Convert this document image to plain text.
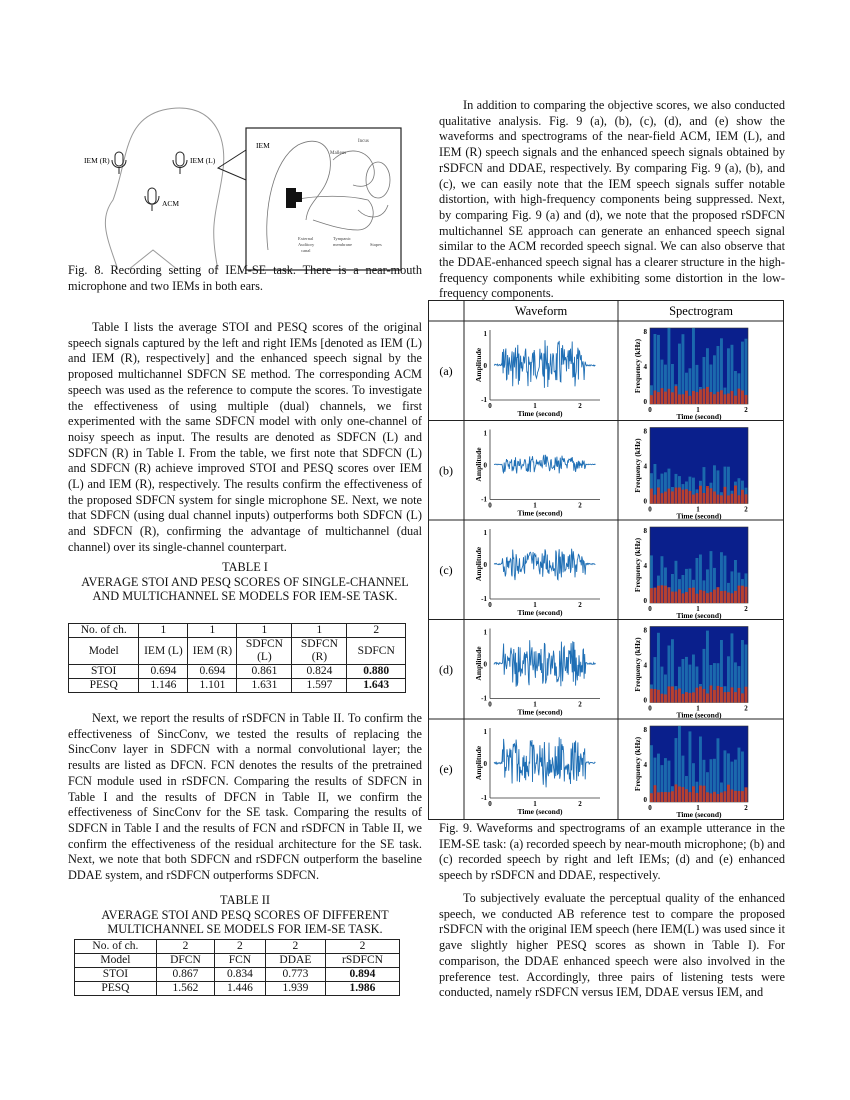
IEM (R)	IEM (L)
ACM
IEM	Incus
Malleus
External
Auditory
canal
Tympanic
membrane	Stapes
Fig. 8. Recording setting of IEM-SE task. There is a near-mouth microphone and two IEMs in both ears.

Table I lists the average STOI and PESQ scores of the original speech signals captured by the left and right IEMs [denoted as IEM (L) and IEM (R), respectively] and the enhanced speech signal by the proposed multichannel SDFCN SE method. The corresponding ACM speech was used as the reference to compute the scores. To investigate the effectiveness of using multiple (dual) channels, we first experimented with the same SDFCN model with only one-channel of noisy speech as input. The results are denoted as SDFCN (L) and SDFCN (R) in Table I. From the table, we first note that SDFCN (L) and SDFCN (R) achieve improved STOI and PESQ scores over IEM (L) and IEM (R), respectively. The results confirm the effectiveness of the proposed SDFCN system for single microphone SE. Next, we note that SDFCN (using dual channel inputs) outperforms both SDFCN (L) and SDFCN (R), confirming the advantage of multichannel (dual channel) over its single-channel counterpart.

TABLE I
AVERAGE STOI AND PESQ SCORES OF SINGLE-CHANNEL AND MULTICHANNEL SE MODELS FOR IEM-SE TASK.
No. of ch.	1	1	1	1	2
Model	IEM (L)	IEM (R)	SDFCN (L)	SDFCN (R)	SDFCN
STOI	0.694	0.694	0.861	0.824	0.880
PESQ	1.146	1.101	1.631	1.597	1.643

Next, we report the results of rSDFCN in Table II. To confirm the effectiveness of SincConv, we tested the results of replacing the SincConv layer in SDFCN with a normal convolutional layer; the results are listed as DFCN. FCN denotes the results of the pretrained FCN module used in rSDFCN. Comparing the results of SDFCN in Table I and the results of DFCN in Table II, we confirm the effectiveness of SincConv for the SE task. Comparing the results of SDFCN in Table I and the results of FCN and rSDFCN in Table II, we confirm the effectiveness of the residual architecture for the SE task. Next, we note that both SDFCN and rSDFCN outperform the baseline DDAE system, and rSDFCN outperforms SDFCN.

TABLE II
AVERAGE STOI AND PESQ SCORES OF DIFFERENT MULTICHANNEL SE MODELS FOR IEM-SE TASK.
No. of ch.	2	2	2	2
Model	DFCN	FCN	DDAE	rSDFCN
STOI	0.867	0.834	0.773	0.894
PESQ	1.562	1.446	1.939	1.986

In addition to comparing the objective scores, we also conducted qualitative analysis. Fig. 9 (a), (b), (c), (d), and (e) show the waveforms and spectrograms of the near-field ACM, IEM (L), and IEM (R) speech signals and the enhanced speech signals obtained by rSDFCN and DDAE, respectively. By comparing Fig. 9 (a), (b), and (c), we can easily note that the IEM speech signals suffer notable distortion, with high-frequency components being suppressed. Next, by comparing Fig. 9 (a) and (d), we note that the proposed rSDFCN multichannel SE approach can generate an enhanced speech signal similar to the ACM recorded speech signal. We can also observe that the DDAE-enhanced speech signal has a clearer structure in the high-frequency components while exhibiting some distortion in the low-frequency components.

Waveform	Spectrogram
(a)
1
0
-1
Amplitude
0	1	2
Time (second)
8
4
0
Frequency (kHz)
0	1	2
Time (second)
(b)
1
0
-1
Amplitude
0	1	2
Time (second)
8
4
0
Frequency (kHz)
0	1	2
Time (second)
(c)
1
0
-1
Amplitude
0	1	2
Time (second)
8
4
0
Frequency (kHz)
0	1	2
Time (second)
(d)
1
0
-1
Amplitude
0	1	2
Time (second)
8
4
0
Frequency (kHz)
0	1	2
Time (second)
(e)
1
0
-1
Amplitude
0	1	2
Time (second)
8
4
0
Frequency (kHz)
0	1	2
Time (second)
Fig. 9. Waveforms and spectrograms of an example utterance in the IEM-SE task: (a) recorded speech by near-mouth microphone; (b) and (c) recorded speech by right and left IEMs; (d) and (e) enhanced speech by rSDFCN and DDAE, respectively.

To subjectively evaluate the perceptual quality of the enhanced speech, we conducted AB reference test to compare the proposed rSDFCN with the original IEM speech (here IEM(L) was used since it gave slightly higher PESQ scores as shown in Table I). For comparison, the DDAE enhanced speech were also involved in the preference test. Accordingly, three pairs of listening tests were conducted, namely rSDFCN versus IEM, DDAE versus IEM, and
